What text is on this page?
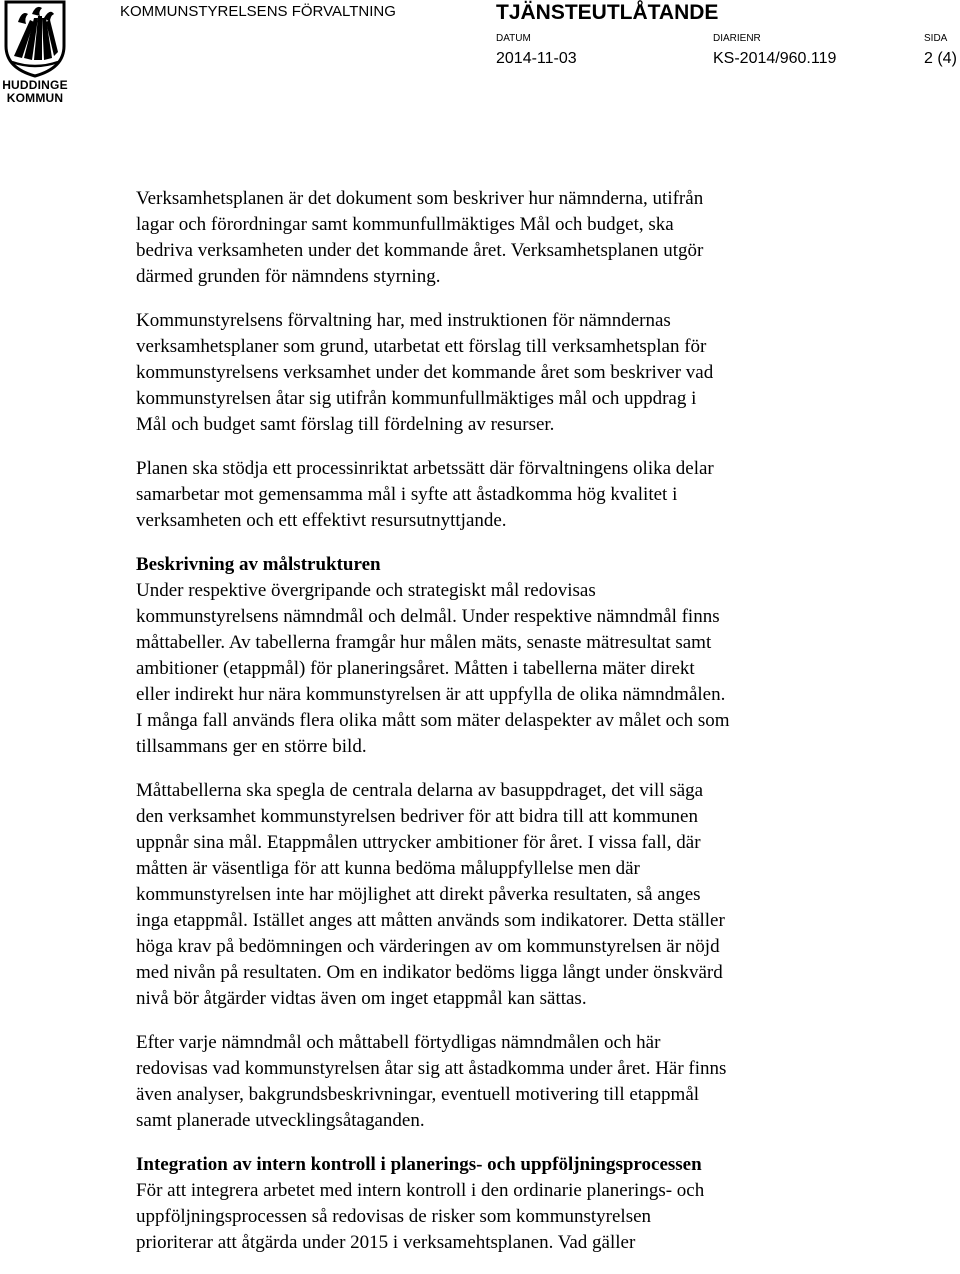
HUDDINGE
KOMMUN
KOMMUNSTYRELSENS FÖRVALTNING	TJÄNSTEUTLÅTANDE
DATUM
2014-11-03
DIARIENR
KS-2014/960.119
SIDA
2 (4)

Verksamhetsplanen är det dokument som beskriver hur nämnderna, utifrån
lagar och förordningar samt kommunfullmäktiges Mål och budget, ska
bedriva verksamheten under det kommande året. Verksamhetsplanen utgör
därmed grunden för nämndens styrning.

Kommunstyrelsens förvaltning har, med instruktionen för nämndernas
verksamhetsplaner som grund, utarbetat ett förslag till verksamhetsplan för
kommunstyrelsens verksamhet under det kommande året som beskriver vad
kommunstyrelsen åtar sig utifrån kommunfullmäktiges mål och uppdrag i
Mål och budget samt förslag till fördelning av resurser.

Planen ska stödja ett processinriktat arbetssätt där förvaltningens olika delar
samarbetar mot gemensamma mål i syfte att åstadkomma hög kvalitet i
verksamheten och ett effektivt resursutnyttjande.

Beskrivning av målstrukturen

Under respektive övergripande och strategiskt mål redovisas
kommunstyrelsens nämndmål och delmål. Under respektive nämndmål finns
måttabeller. Av tabellerna framgår hur målen mäts, senaste mätresultat samt
ambitioner (etappmål) för planeringsåret. Måtten i tabellerna mäter direkt
eller indirekt hur nära kommunstyrelsen är att uppfylla de olika nämndmålen.
I många fall används flera olika mått som mäter delaspekter av målet och som
tillsammans ger en större bild.

Måttabellerna ska spegla de centrala delarna av basuppdraget, det vill säga
den verksamhet kommunstyrelsen bedriver för att bidra till att kommunen
uppnår sina mål. Etappmålen uttrycker ambitioner för året. I vissa fall, där
måtten är väsentliga för att kunna bedöma måluppfyllelse men där
kommunstyrelsen inte har möjlighet att direkt påverka resultaten, så anges
inga etappmål. Istället anges att måtten används som indikatorer. Detta ställer
höga krav på bedömningen och värderingen av om kommunstyrelsen är nöjd
med nivån på resultaten. Om en indikator bedöms ligga långt under önskvärd
nivå bör åtgärder vidtas även om inget etappmål kan sättas.

Efter varje nämndmål och måttabell förtydligas nämndmålen och här
redovisas vad kommunstyrelsen åtar sig att åstadkomma under året. Här finns
även analyser, bakgrundsbeskrivningar, eventuell motivering till etappmål
samt planerade utvecklingsåtaganden.

Integration av intern kontroll i planerings- och uppföljningsprocessen

För att integrera arbetet med intern kontroll i den ordinarie planerings- och
uppföljningsprocessen så redovisas de risker som kommunstyrelsen
prioriterar att åtgärda under 2015 i verksamehtsplanen. Vad gäller
